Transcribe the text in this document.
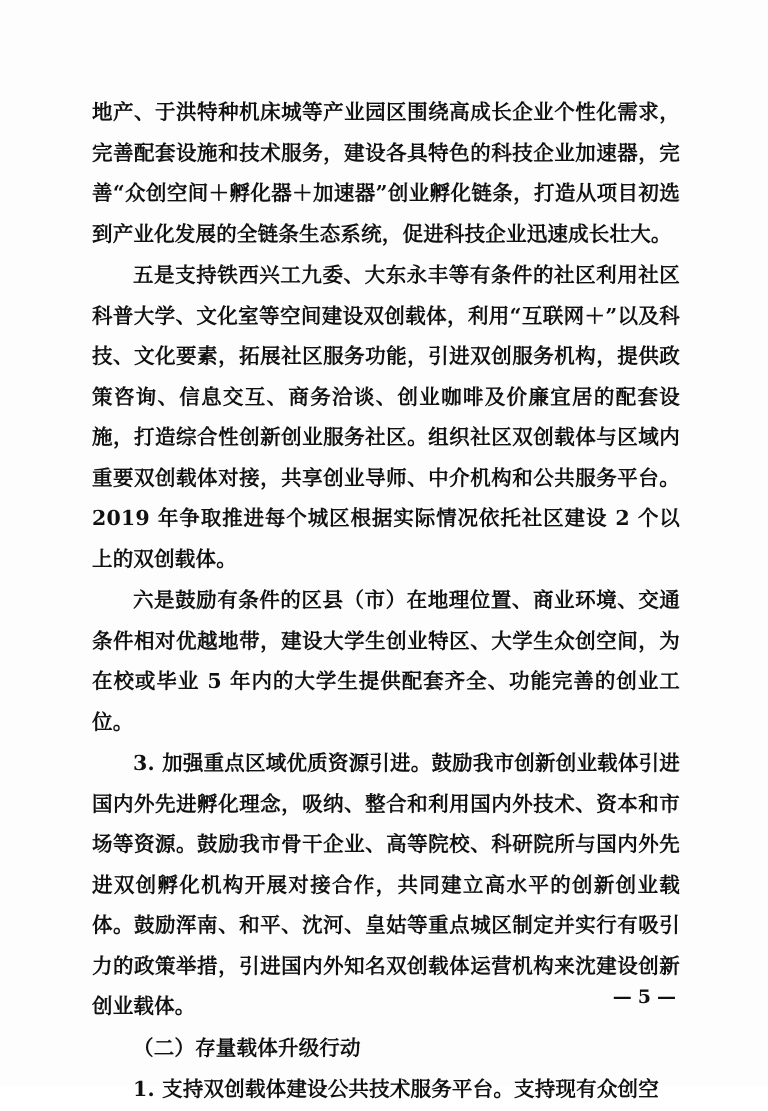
地产、于洪特种机床城等产业园区围绕高成长企业个性化需求，完善配套设施和技术服务，建设各具特色的科技企业加速器，完善“众创空间＋孵化器＋加速器”创业孵化链条，打造从项目初选到产业化发展的全链条生态系统，促进科技企业迅速成长壮大。

五是支持铁西兴工九委、大东永丰等有条件的社区利用社区科普大学、文化室等空间建设双创载体，利用“互联网＋”以及科技、文化要素，拓展社区服务功能，引进双创服务机构，提供政策咨询、信息交互、商务洽谈、创业咖啡及价廉宜居的配套设施，打造综合性创新创业服务社区。组织社区双创载体与区域内重要双创载体对接，共享创业导师、中介机构和公共服务平台。2019 年争取推进每个城区根据实际情况依托社区建设 2 个以上的双创载体。

六是鼓励有条件的区县（市）在地理位置、商业环境、交通条件相对优越地带，建设大学生创业特区、大学生众创空间，为在校或毕业 5 年内的大学生提供配套齐全、功能完善的创业工位。

3. 加强重点区域优质资源引进。鼓励我市创新创业载体引进国内外先进孵化理念，吸纳、整合和利用国内外技术、资本和市场等资源。鼓励我市骨干企业、高等院校、科研院所与国内外先进双创孵化机构开展对接合作，共同建立高水平的创新创业载体。鼓励浑南、和平、沈河、皇姑等重点城区制定并实行有吸引力的政策举措，引进国内外知名双创载体运营机构来沈建设创新创业载体。

（二）存量载体升级行动

1. 支持双创载体建设公共技术服务平台。支持现有众创空

— 5 —
